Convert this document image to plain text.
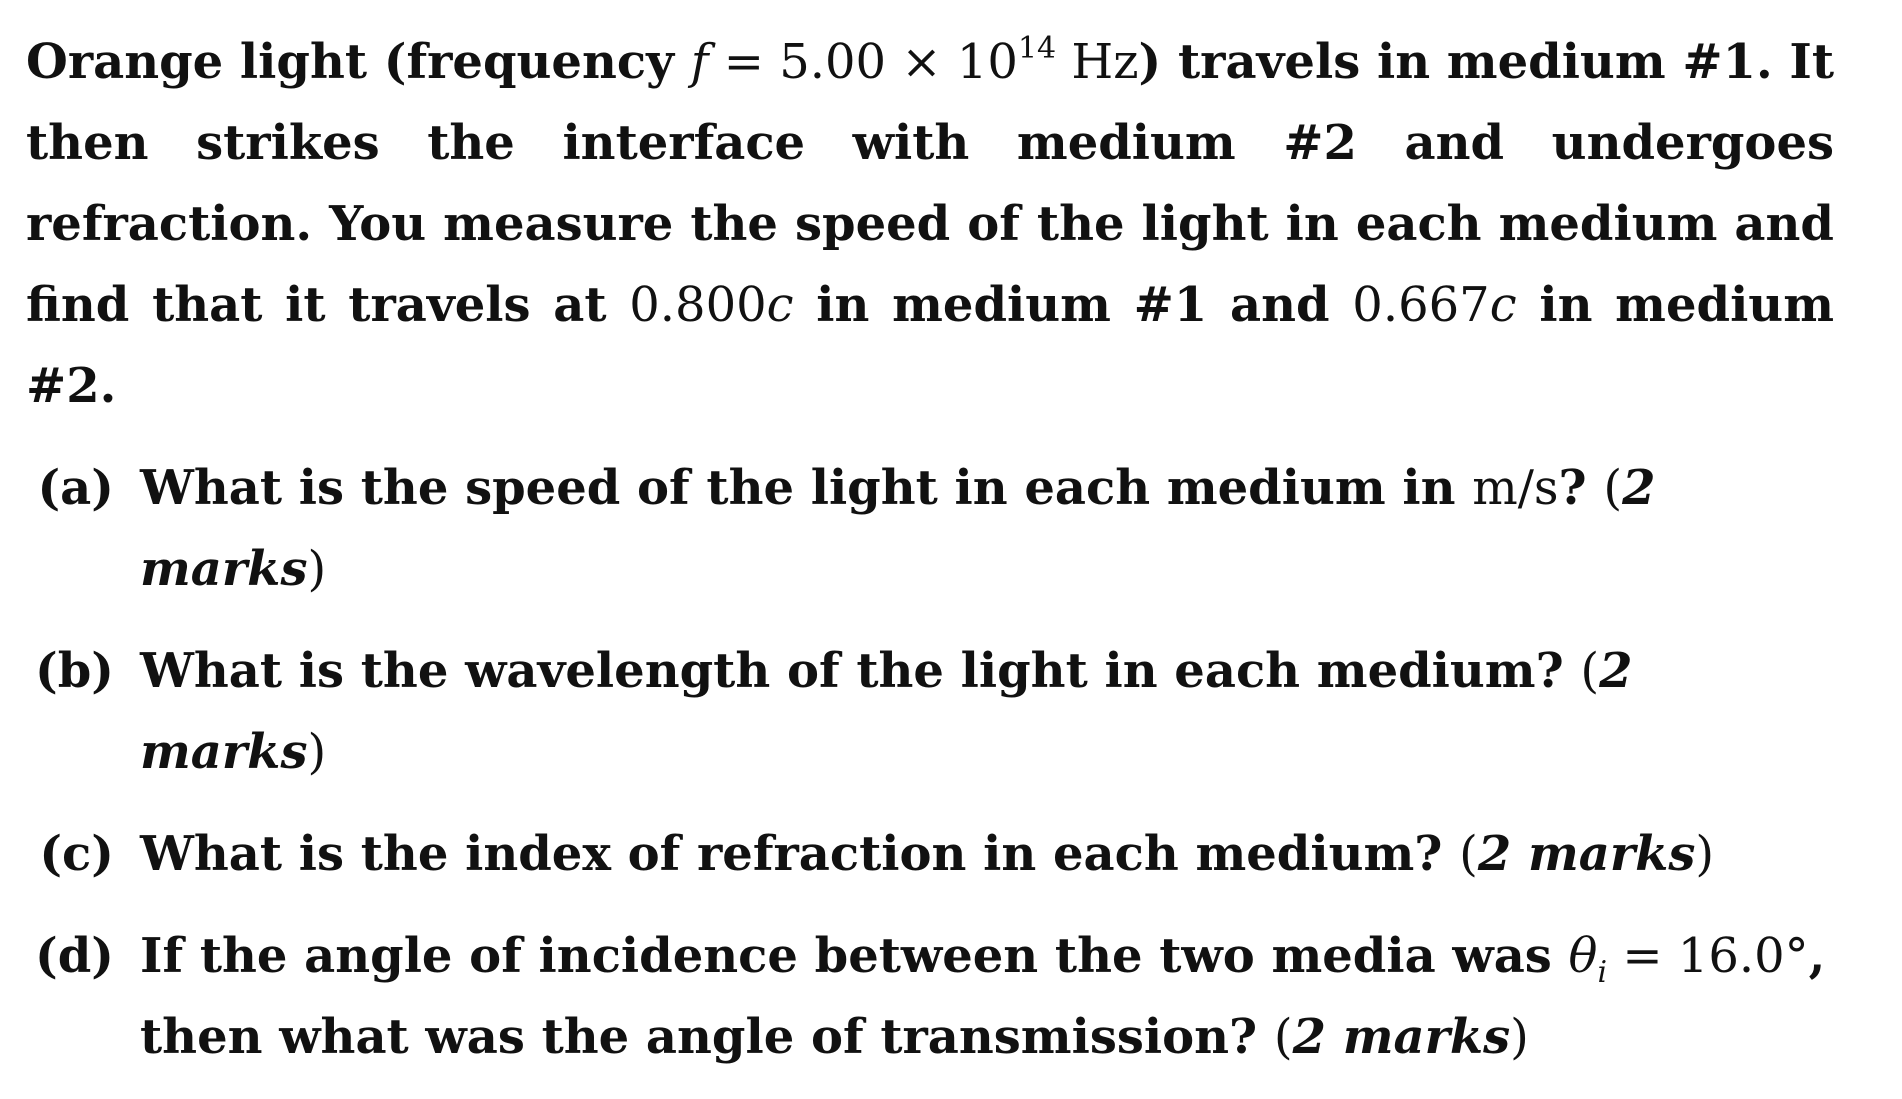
Orange light (frequency $f = 5.00 \times 10^{14}$ Hz) travels in medium #1. It then strikes the interface with medium #2 and undergoes refraction. You measure the speed of the light in each medium and find that it travels at 0.800c in medium #1 and 0.667c in medium #2.
(a) What is the speed of the light in each medium in m/s? (2 marks)
(b) What is the wavelength of the light in each medium? (2 marks)
(c) What is the index of refraction in each medium? (2 marks)
(d) If the angle of incidence between the two media was $\theta_i = 16.0^\circ$, then what was the angle of transmission? (2 marks)
